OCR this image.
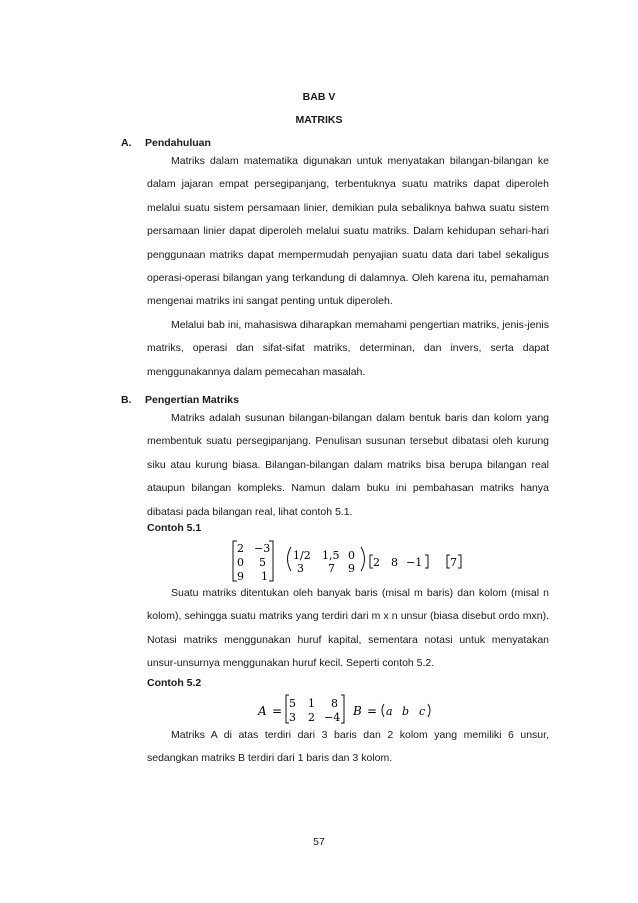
BAB V
MATRIKS
A. Pendahuluan

Matriks dalam matematika digunakan untuk menyatakan bilangan-bilangan ke dalam jajaran empat persegipanjang, terbentuknya suatu matriks dapat diperoleh melalui suatu sistem persamaan linier, demikian pula sebaliknya bahwa suatu sistem persamaan linier dapat diperoleh melalui suatu matriks. Dalam kehidupan sehari-hari penggunaan matriks dapat mempermudah penyajian suatu data dari tabel sekaligus operasi-operasi bilangan yang terkandung di dalamnya. Oleh karena itu, pemahaman mengenai matriks ini sangat penting untuk diperoleh.

Melalui bab ini, mahasiswa diharapkan memahami pengertian matriks, jenis-jenis matriks, operasi dan sifat-sifat matriks, determinan, dan invers, serta dapat menggunakannya dalam pemecahan masalah.

B. Pengertian Matriks

Matriks adalah susunan bilangan-bilangan dalam bentuk baris dan kolom yang membentuk suatu persegipanjang. Penulisan susunan tersebut dibatasi oleh kurung siku atau kurung biasa. Bilangan-bilangan dalam matriks bisa berupa bilangan real ataupun bilangan kompleks. Namun dalam buku ini pembahasan matriks hanya dibatasi pada bilangan real, lihat contoh 5.1.

Contoh 5.1
2 −3
0 5
9 1
1/2 1,5 0
3 7 9 2 8 −1	7

Suatu matriks ditentukan oleh banyak baris (misal m baris) dan kolom (misal n kolom), sehingga suatu matriks yang terdiri dari m x n unsur (biasa disebut ordo mxn). Notasi matriks menggunakan huruf kapital, sementara notasi untuk menyatakan unsur-unsurnya menggunakan huruf kecil. Seperti contoh 5.2.

Contoh 5.2
A =
5 1 8
3 2 −4 B = a b c

Matriks A di atas terdiri dari 3 baris dan 2 kolom yang memiliki 6 unsur, sedangkan matriks B terdiri dari 1 baris dan 3 kolom.

57
